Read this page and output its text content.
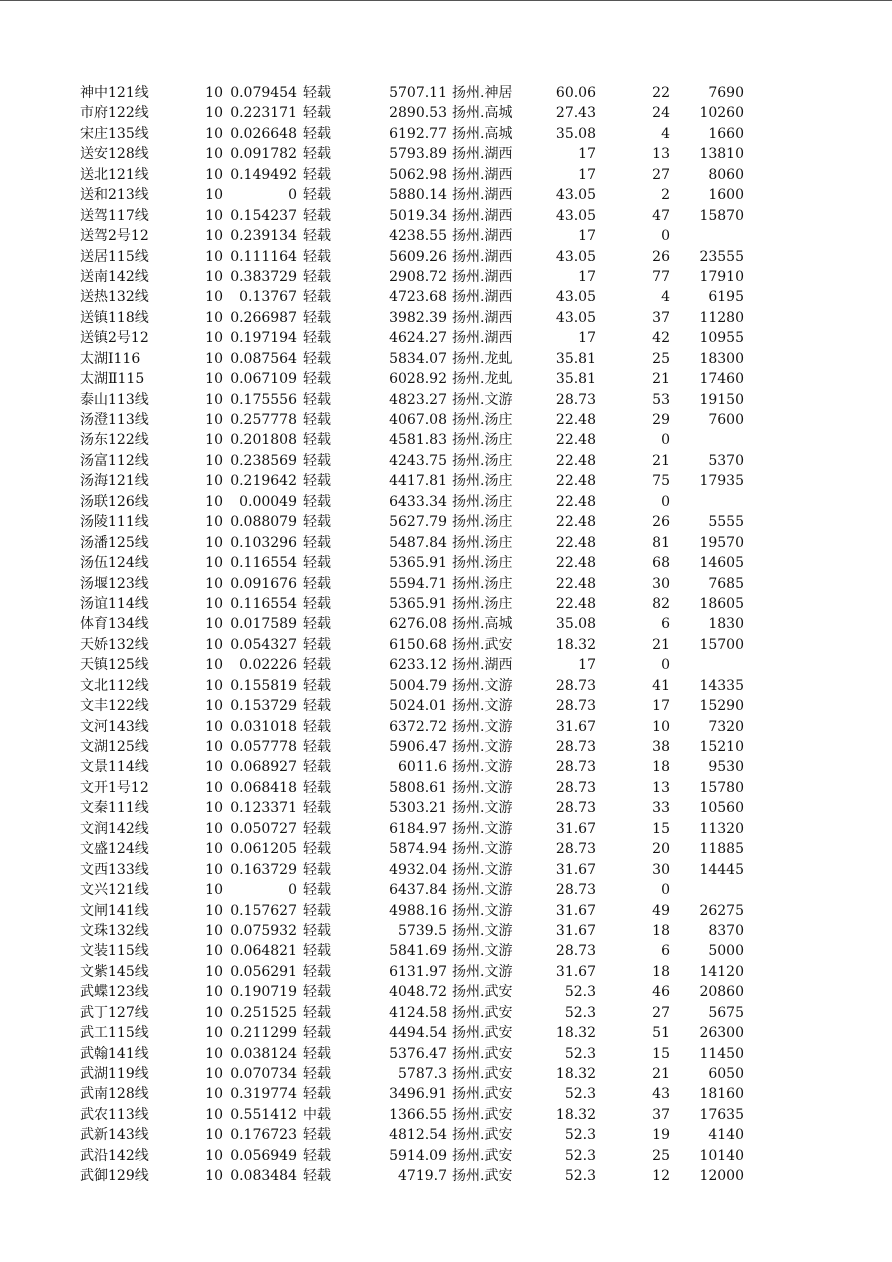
神中121线	10 0.079454 轻载	5707.11 扬州.神居	60.06	22	7690
市府122线	10 0.223171 轻载	2890.53 扬州.高城	27.43	24	10260
宋庄135线	10 0.026648 轻载	6192.77 扬州.高城	35.08	4	1660
送安128线	10 0.091782 轻载	5793.89 扬州.湖西	17	13	13810
送北121线	10 0.149492 轻载	5062.98 扬州.湖西	17	27	8060
送和213线	10	0 轻载	5880.14 扬州.湖西	43.05	2	1600
送驾117线	10 0.154237 轻载	5019.34 扬州.湖西	43.05	47	15870
送驾2号12	10 0.239134 轻载	4238.55 扬州.湖西	17	0
送居115线	10 0.111164 轻载	5609.26 扬州.湖西	43.05	26	23555
送南142线	10 0.383729 轻载	2908.72 扬州.湖西	17	77	17910
送热132线	10	0.13767 轻载	4723.68 扬州.湖西	43.05	4	6195
送镇118线	10 0.266987 轻载	3982.39 扬州.湖西	43.05	37	11280
送镇2号12	10 0.197194 轻载	4624.27 扬州.湖西	17	42	10955
太湖Ⅰ116	10 0.087564 轻载	5834.07 扬州.龙虬	35.81	25	18300
太湖Ⅱ115	10 0.067109 轻载	6028.92 扬州.龙虬	35.81	21	17460
泰山113线	10 0.175556 轻载	4823.27 扬州.文游	28.73	53	19150
汤澄113线	10 0.257778 轻载	4067.08 扬州.汤庄	22.48	29	7600
汤东122线	10 0.201808 轻载	4581.83 扬州.汤庄	22.48	0
汤富112线	10 0.238569 轻载	4243.75 扬州.汤庄	22.48	21	5370
汤海121线	10 0.219642 轻载	4417.81 扬州.汤庄	22.48	75	17935
汤联126线	10	0.00049 轻载	6433.34 扬州.汤庄	22.48	0
汤陵111线	10 0.088079 轻载	5627.79 扬州.汤庄	22.48	26	5555
汤潘125线	10 0.103296 轻载	5487.84 扬州.汤庄	22.48	81	19570
汤伍124线	10 0.116554 轻载	5365.91 扬州.汤庄	22.48	68	14605
汤堰123线	10 0.091676 轻载	5594.71 扬州.汤庄	22.48	30	7685
汤谊114线	10 0.116554 轻载	5365.91 扬州.汤庄	22.48	82	18605
体育134线	10 0.017589 轻载	6276.08 扬州.高城	35.08	6	1830
天娇132线	10 0.054327 轻载	6150.68 扬州.武安	18.32	21	15700
天镇125线	10	0.02226 轻载	6233.12 扬州.湖西	17	0
文北112线	10 0.155819 轻载	5004.79 扬州.文游	28.73	41	14335
文丰122线	10 0.153729 轻载	5024.01 扬州.文游	28.73	17	15290
文河143线	10 0.031018 轻载	6372.72 扬州.文游	31.67	10	7320
文湖125线	10 0.057778 轻载	5906.47 扬州.文游	28.73	38	15210
文景114线	10 0.068927 轻载	6011.6 扬州.文游	28.73	18	9530
文开1号12	10 0.068418 轻载	5808.61 扬州.文游	28.73	13	15780
文秦111线	10 0.123371 轻载	5303.21 扬州.文游	28.73	33	10560
文润142线	10 0.050727 轻载	6184.97 扬州.文游	31.67	15	11320
文盛124线	10 0.061205 轻载	5874.94 扬州.文游	28.73	20	11885
文西133线	10 0.163729 轻载	4932.04 扬州.文游	31.67	30	14445
文兴121线	10	0 轻载	6437.84 扬州.文游	28.73	0
文闸141线	10 0.157627 轻载	4988.16 扬州.文游	31.67	49	26275
文珠132线	10 0.075932 轻载	5739.5 扬州.文游	31.67	18	8370
文装115线	10 0.064821 轻载	5841.69 扬州.文游	28.73	6	5000
文紫145线	10 0.056291 轻载	6131.97 扬州.文游	31.67	18	14120
武蝶123线	10 0.190719 轻载	4048.72 扬州.武安	52.3	46	20860
武丁127线	10 0.251525 轻载	4124.58 扬州.武安	52.3	27	5675
武工115线	10 0.211299 轻载	4494.54 扬州.武安	18.32	51	26300
武翰141线	10 0.038124 轻载	5376.47 扬州.武安	52.3	15	11450
武湖119线	10 0.070734 轻载	5787.3 扬州.武安	18.32	21	6050
武南128线	10 0.319774 轻载	3496.91 扬州.武安	52.3	43	18160
武农113线	10 0.551412 中载	1366.55 扬州.武安	18.32	37	17635
武新143线	10 0.176723 轻载	4812.54 扬州.武安	52.3	19	4140
武沿142线	10 0.056949 轻载	5914.09 扬州.武安	52.3	25	10140
武御129线	10 0.083484 轻载	4719.7 扬州.武安	52.3	12	12000
